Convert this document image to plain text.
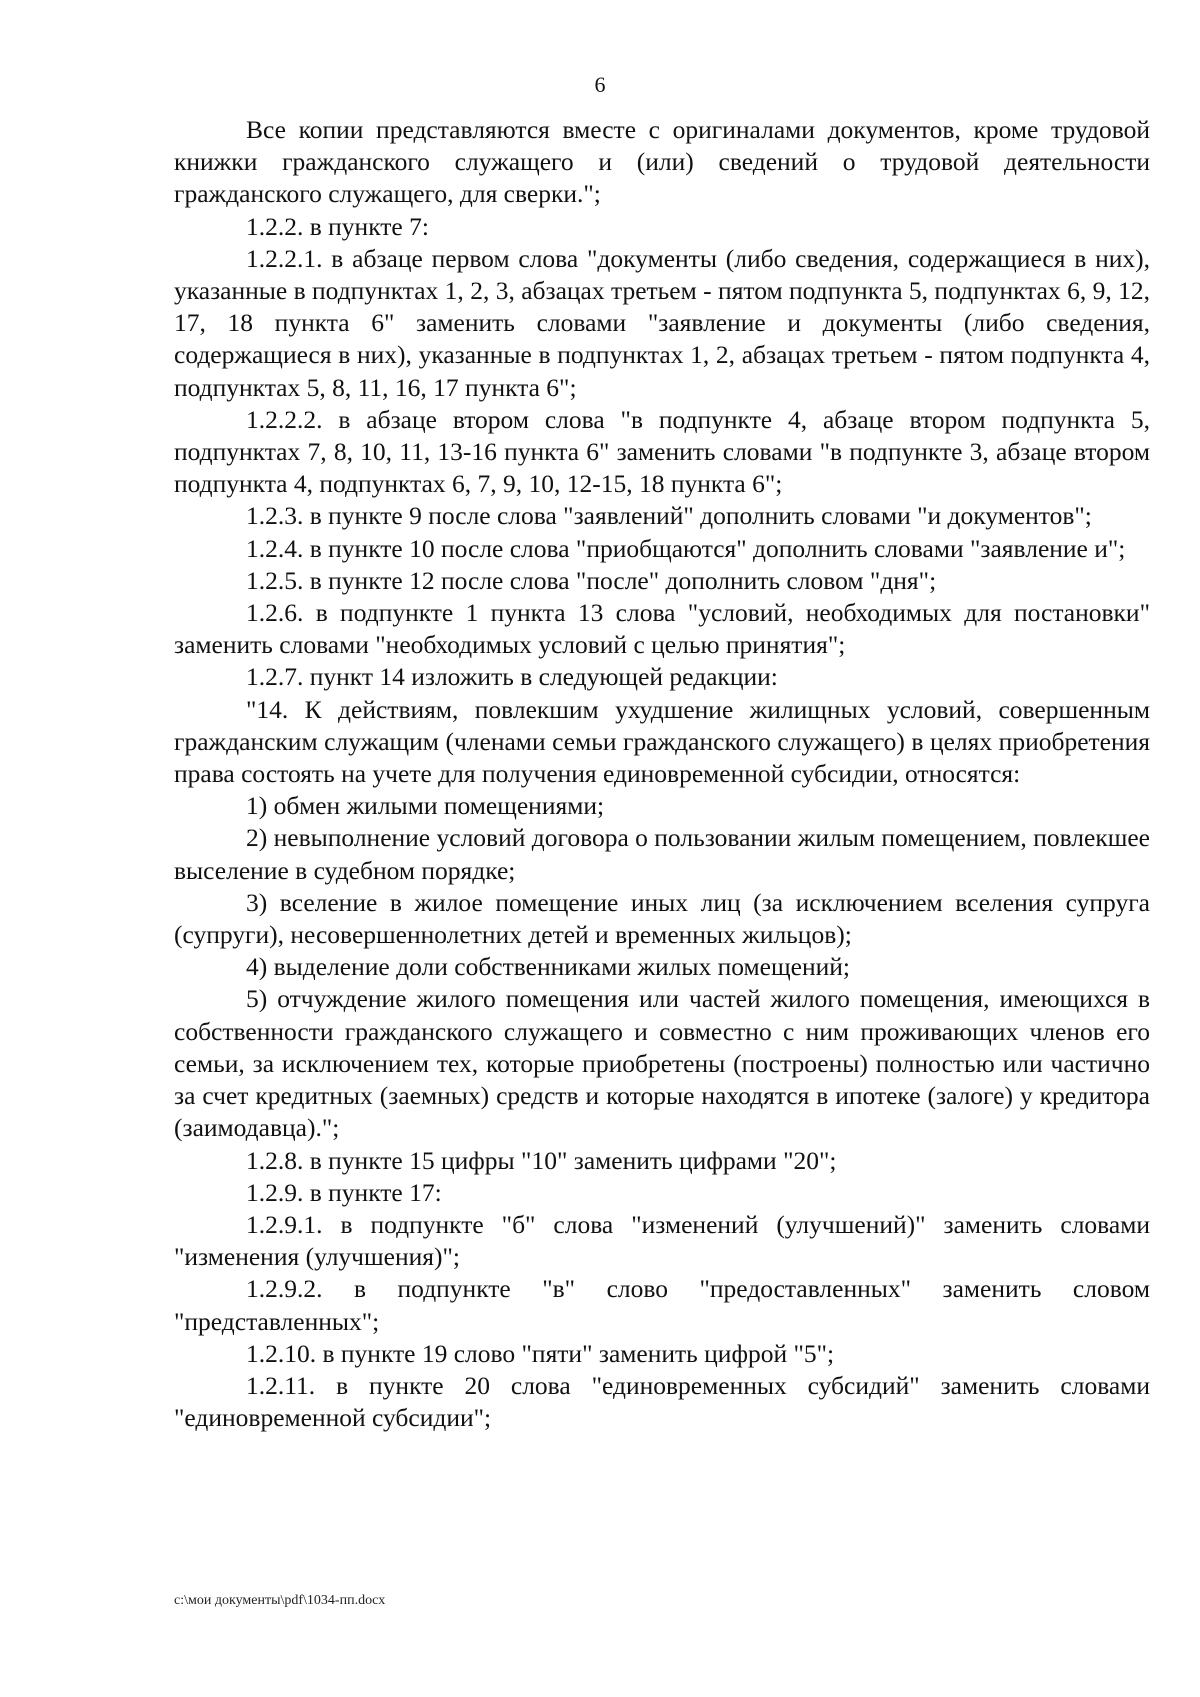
6

Все копии представляются вместе с оригиналами документов, кроме трудовой книжки гражданского служащего и (или) сведений о трудовой деятельности гражданского служащего, для сверки.";

1.2.2. в пункте 7:

1.2.2.1. в абзаце первом слова "документы (либо сведения, содержащиеся в них), указанные в подпунктах 1, 2, 3, абзацах третьем - пятом подпункта 5, подпунктах 6, 9, 12, 17, 18 пункта 6" заменить словами "заявление и документы (либо сведения, содержащиеся в них), указанные в подпунктах 1, 2, абзацах третьем - пятом подпункта 4, подпунктах 5, 8, 11, 16, 17 пункта 6";

1.2.2.2. в абзаце втором слова "в подпункте 4, абзаце втором подпункта 5, подпунктах 7, 8, 10, 11, 13-16 пункта 6" заменить словами "в подпункте 3, абзаце втором подпункта 4, подпунктах 6, 7, 9, 10, 12-15, 18 пункта 6";

1.2.3. в пункте 9 после слова "заявлений" дополнить словами "и документов";

1.2.4. в пункте 10 после слова "приобщаются" дополнить словами "заявление и";

1.2.5. в пункте 12 после слова "после" дополнить словом "дня";

1.2.6. в подпункте 1 пункта 13 слова "условий, необходимых для постановки" заменить словами "необходимых условий с целью принятия";

1.2.7. пункт 14 изложить в следующей редакции:

"14. К действиям, повлекшим ухудшение жилищных условий, совершенным гражданским служащим (членами семьи гражданского служащего) в целях приобретения права состоять на учете для получения единовременной субсидии, относятся:

1) обмен жилыми помещениями;

2) невыполнение условий договора о пользовании жилым помещением, повлекшее выселение в судебном порядке;

3) вселение в жилое помещение иных лиц (за исключением вселения супруга (супруги), несовершеннолетних детей и временных жильцов);

4) выделение доли собственниками жилых помещений;

5) отчуждение жилого помещения или частей жилого помещения, имеющихся в собственности гражданского служащего и совместно с ним проживающих членов его семьи, за исключением тех, которые приобретены (построены) полностью или частично за счет кредитных (заемных) средств и которые находятся в ипотеке (залоге) у кредитора (заимодавца).";

1.2.8. в пункте 15 цифры "10" заменить цифрами "20";

1.2.9. в пункте 17:

1.2.9.1. в подпункте "б" слова "изменений (улучшений)" заменить словами "изменения (улучшения)";

1.2.9.2. в подпункте "в" слово "предоставленных" заменить словом "представленных";

1.2.10. в пункте 19 слово "пяти" заменить цифрой "5";

1.2.11. в пункте 20 слова "единовременных субсидий" заменить словами "единовременной субсидии";

c:\мои документы\pdf\1034-пп.docx
